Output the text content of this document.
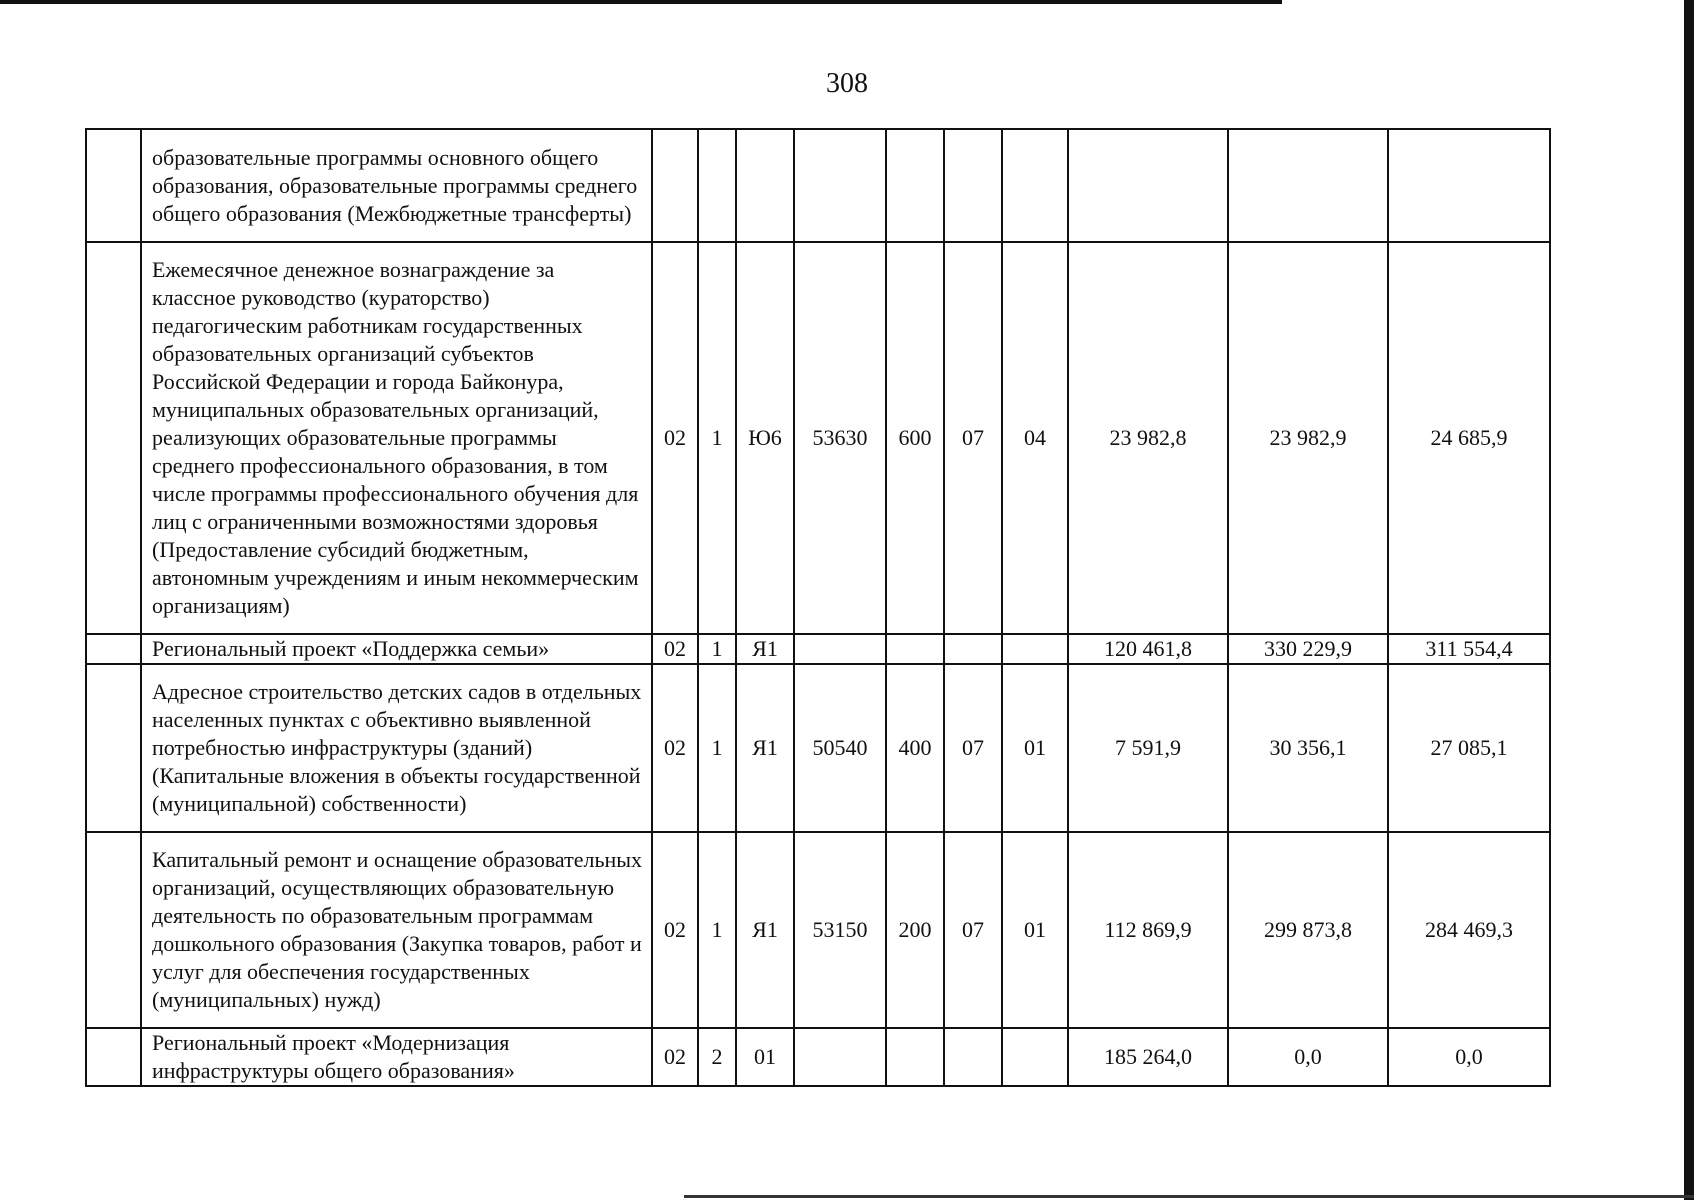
308
	образовательные программы основного общего образования, образовательные программы среднего общего образования (Межбюджетные трансферты)										
	Ежемесячное денежное вознаграждение за классное руководство (кураторство) педагогическим работникам государственных образовательных организаций субъектов Российской Федерации и города Байконура, муниципальных образовательных организаций, реализующих образовательные программы среднего профессионального образования, в том числе программы профессионального обучения для лиц с ограниченными возможностями здоровья (Предоставление субсидий бюджетным, автономным учреждениям и иным некоммерческим организациям)	02	1	Ю6	53630	600	07	04	23 982,8	23 982,9	24 685,9
	Региональный проект «Поддержка семьи»	02	1	Я1					120 461,8	330 229,9	311 554,4
	Адресное строительство детских садов в отдельных населенных пунктах с объективно выявленной потребностью инфраструктуры (зданий) (Капитальные вложения в объекты государственной (муниципальной) собственности)	02	1	Я1	50540	400	07	01	7 591,9	30 356,1	27 085,1
	Капитальный ремонт и оснащение образовательных организаций, осуществляющих образовательную деятельность по образовательным программам дошкольного образования (Закупка товаров, работ и услуг для обеспечения государственных (муниципальных) нужд)	02	1	Я1	53150	200	07	01	112 869,9	299 873,8	284 469,3
	Региональный проект «Модернизация инфраструктуры общего образования»	02	2	01					185 264,0	0,0	0,0
